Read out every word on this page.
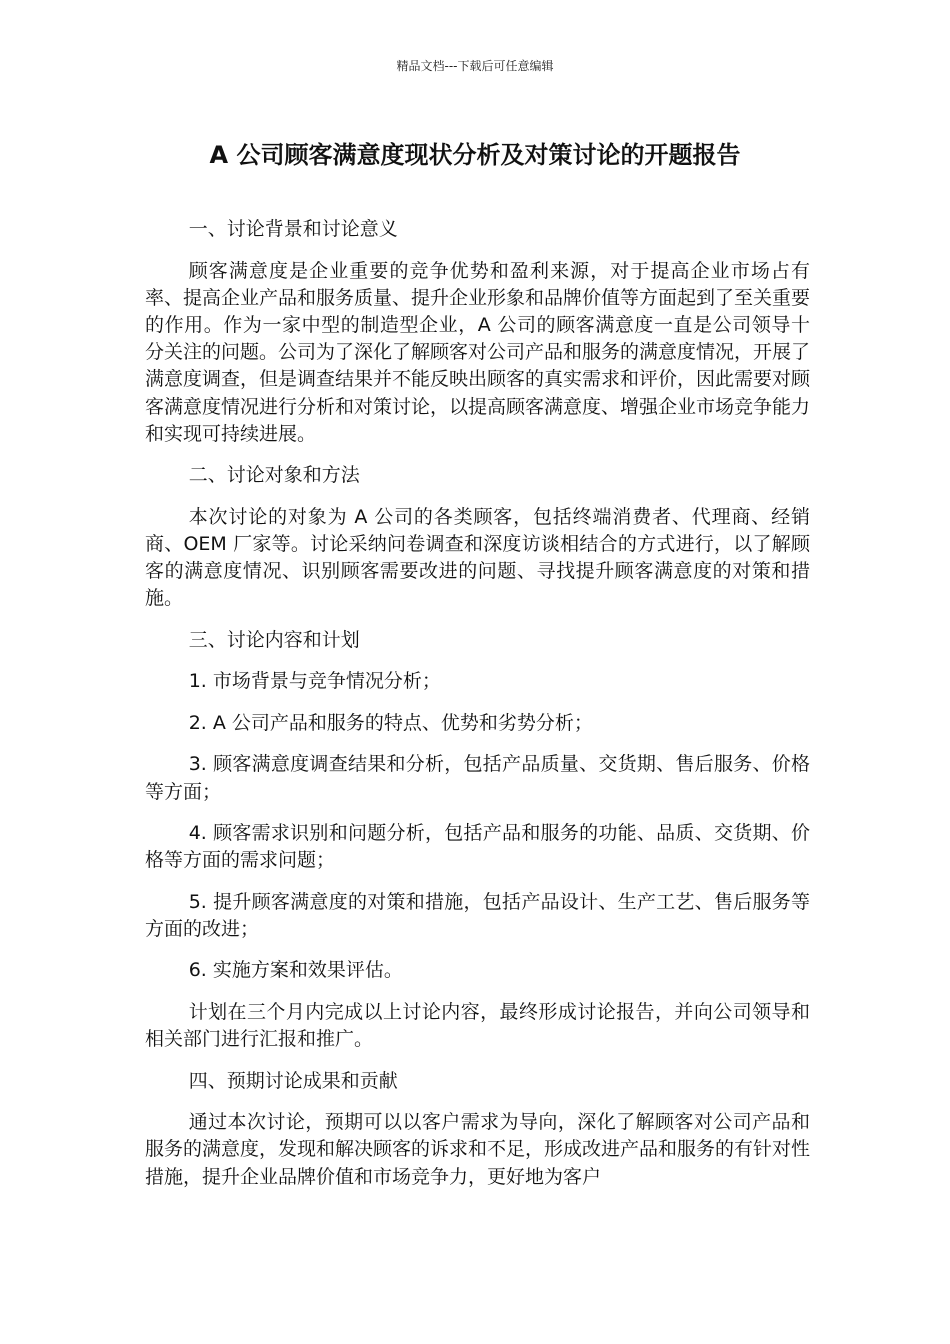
精品文档---下载后可任意编辑
A 公司顾客满意度现状分析及对策讨论的开题报告

一、讨论背景和讨论意义

顾客满意度是企业重要的竞争优势和盈利来源，对于提高企业市场占有率、提高企业产品和服务质量、提升企业形象和品牌价值等方面起到了至关重要的作用。作为一家中型的制造型企业，A 公司的顾客满意度一直是公司领导十分关注的问题。公司为了深化了解顾客对公司产品和服务的满意度情况，开展了满意度调查，但是调查结果并不能反映出顾客的真实需求和评价，因此需要对顾客满意度情况进行分析和对策讨论，以提高顾客满意度、增强企业市场竞争能力和实现可持续进展。

二、讨论对象和方法

本次讨论的对象为 A 公司的各类顾客，包括终端消费者、代理商、经销商、OEM 厂家等。讨论采纳问卷调查和深度访谈相结合的方式进行，以了解顾客的满意度情况、识别顾客需要改进的问题、寻找提升顾客满意度的对策和措施。

三、讨论内容和计划

1. 市场背景与竞争情况分析；

2. A 公司产品和服务的特点、优势和劣势分析；

3. 顾客满意度调查结果和分析，包括产品质量、交货期、售后服务、价格等方面；

4. 顾客需求识别和问题分析，包括产品和服务的功能、品质、交货期、价格等方面的需求问题；

5. 提升顾客满意度的对策和措施，包括产品设计、生产工艺、售后服务等方面的改进；

6. 实施方案和效果评估。

计划在三个月内完成以上讨论内容，最终形成讨论报告，并向公司领导和相关部门进行汇报和推广。

四、预期讨论成果和贡献

通过本次讨论，预期可以以客户需求为导向，深化了解顾客对公司产品和服务的满意度，发现和解决顾客的诉求和不足，形成改进产品和服务的有针对性措施，提升企业品牌价值和市场竞争力，更好地为客户
